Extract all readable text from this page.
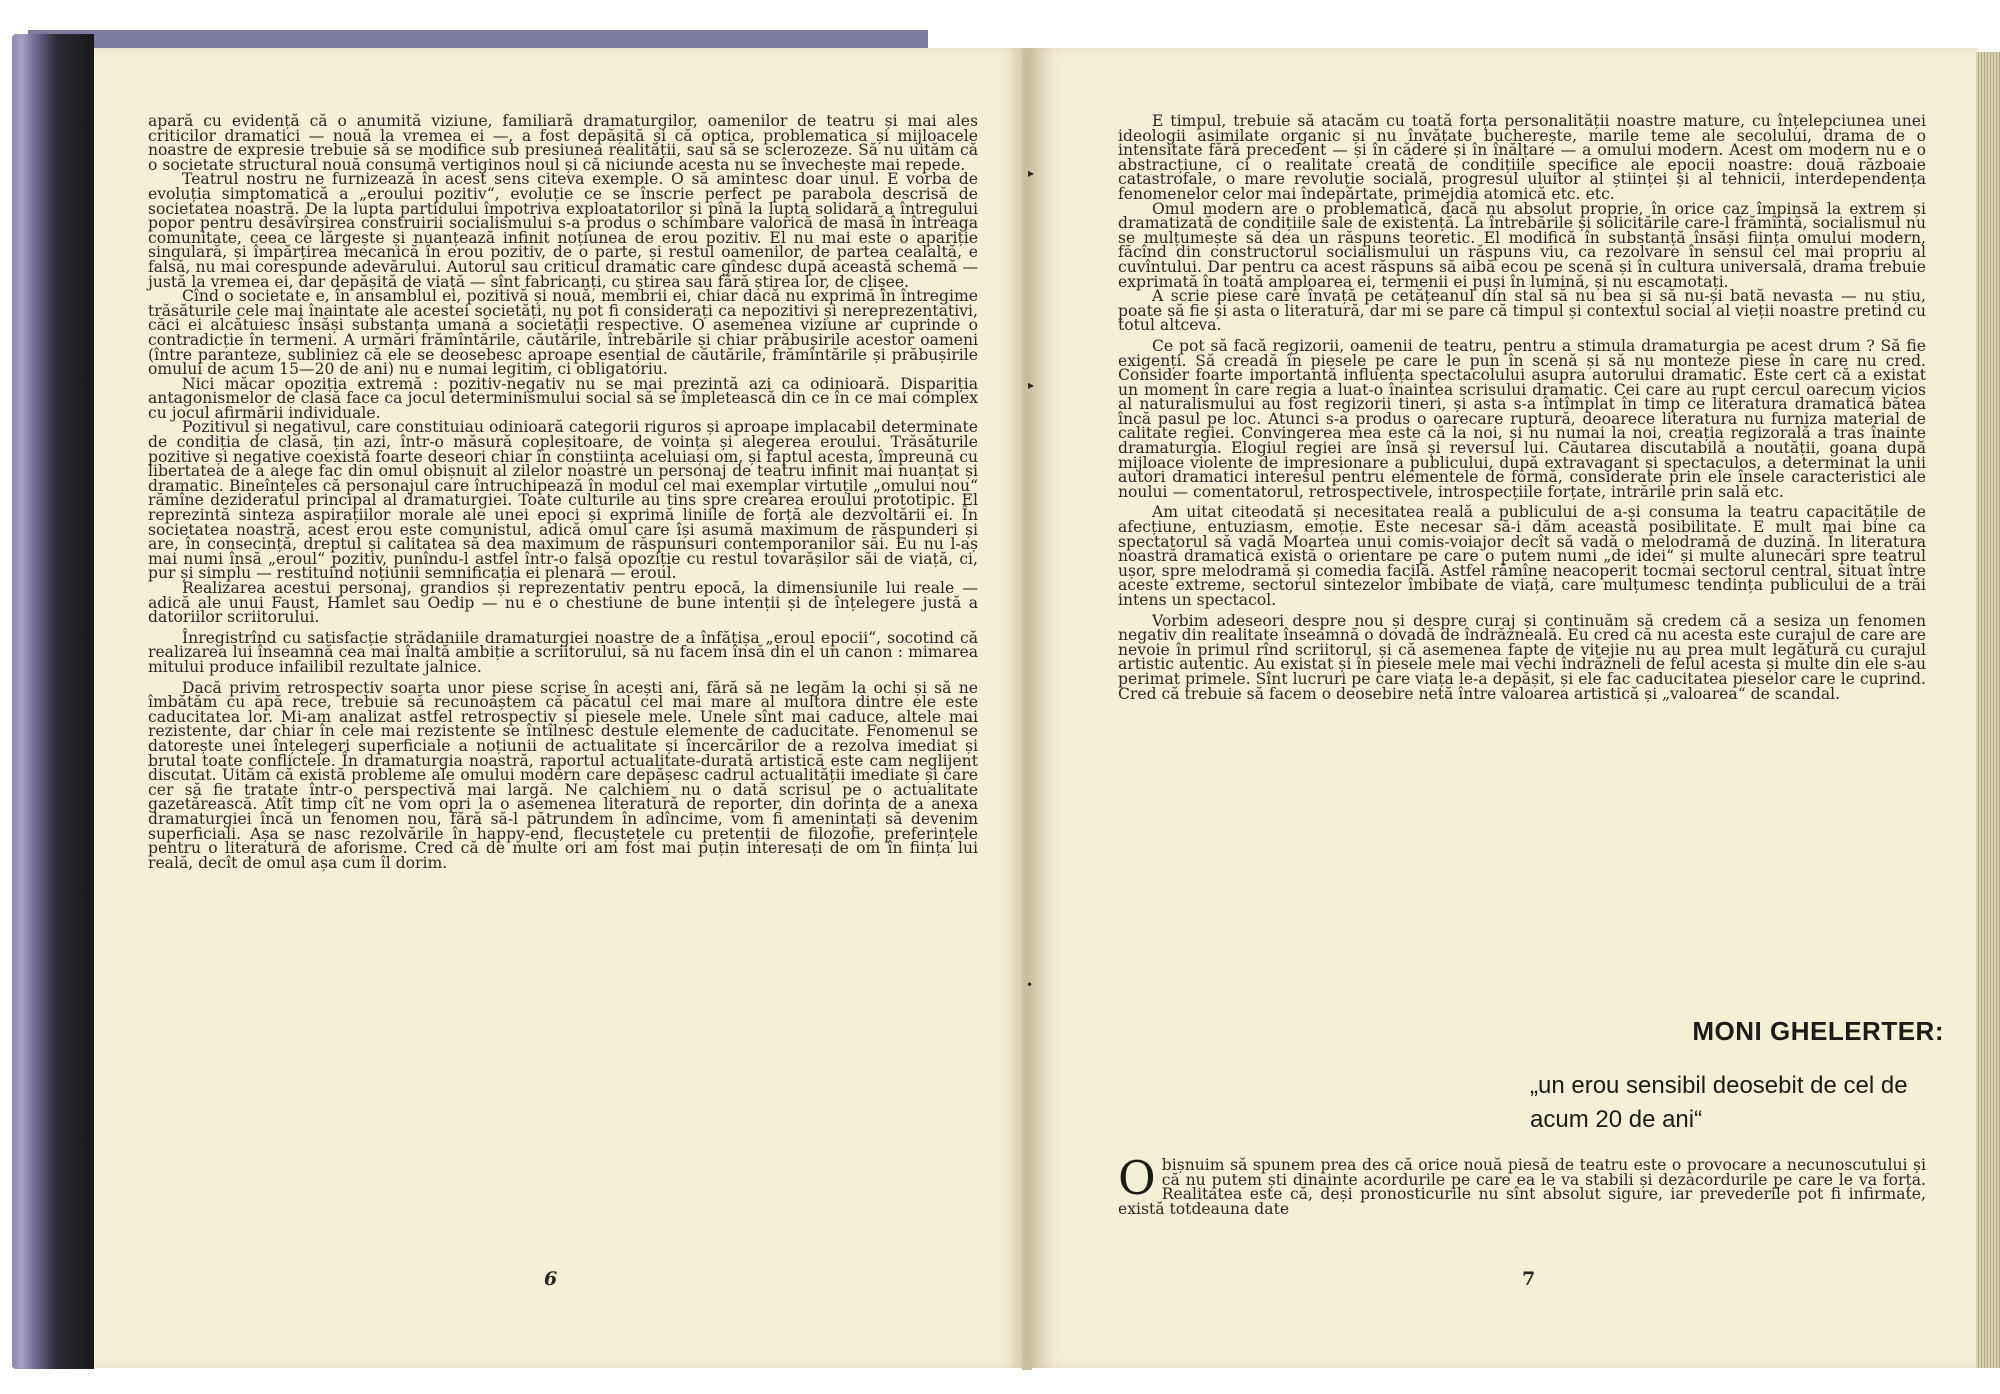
apară cu evidență că o anumită viziune, familiară dramaturgilor, oamenilor de teatru și mai ales criticilor dramatici — nouă la vremea ei —, a fost depășită și că optica, problematica și mijloacele noastre de expresie trebuie să se modifice sub presiunea realității, sau să se sclerozeze. Să nu uităm că o societate structural nouă consumă vertiginos noul și că niciunde acesta nu se învechește mai repede.

Teatrul nostru ne furnizează în acest sens citeva exemple. O să amintesc doar unul. E vorba de evoluția simptomatică a „eroului pozitiv“, evoluție ce se înscrie perfect pe parabola descrisă de societatea noastră. De la lupta partidului împotriva exploatatorilor și pînă la lupta solidară a întregului popor pentru desăvîrșirea construirii socialismului s-a produs o schimbare valorică de masă în întreaga comunitate, ceea ce lărgește și nuanțează infinit noțiunea de erou pozitiv. El nu mai este o apariție singulară, și împărțirea mecanică în erou pozitiv, de o parte, și restul oamenilor, de partea cealaltă, e falsă, nu mai corespunde adevărului. Autorul sau criticul dramatic care gîndesc după această schemă — justă la vremea ei, dar depășită de viață — sînt fabricanți, cu știrea sau fără știrea lor, de clișee.

Cînd o societate e, în ansamblul ei, pozitivă și nouă, membrii ei, chiar dacă nu exprimă în întregime trăsăturile cele mai înaintate ale acestei societăți, nu pot fi considerați ca nepozitivi și nereprezentativi, căci ei alcătuiesc însăși substanța umană a societății respective. O asemenea viziune ar cuprinde o contradicție în termeni. A urmări frămîntările, căutările, întrebările și chiar prăbușirile acestor oameni (între paranteze, subliniez că ele se deosebesc aproape esențial de căutările, frămîntările și prăbușirile omului de acum 15—20 de ani) nu e numai legitim, ci obligatoriu.

Nici măcar opoziția extremă : pozitiv-negativ nu se mai prezintă azi ca odinioară. Dispariția antagonismelor de clasă face ca jocul determinismului social să se împletească din ce în ce mai complex cu jocul afirmării individuale.

Pozitivul și negativul, care constituiau odinioară categorii riguros și aproape implacabil determinate de condiția de clasă, țin azi, într-o măsură copleșitoare, de voința și alegerea eroului. Trăsăturile pozitive și negative coexistă foarte deseori chiar în conștiința aceluiași om, și faptul acesta, împreună cu libertatea de a alege fac din omul obișnuit al zilelor noastre un personaj de teatru infinit mai nuanțat și dramatic. Bineînțeles că personajul care întruchipează în modul cel mai exemplar virtuțile „omului nou“ rămîne dezideratul principal al dramaturgiei. Toate culturile au tins spre crearea eroului prototipic. El reprezintă sinteza aspirațiilor morale ale unei epoci și exprimă liniile de forță ale dezvoltării ei. În societatea noastră, acest erou este comunistul, adică omul care își asumă maximum de răspunderi și are, în consecință, dreptul și calitatea să dea maximum de răspunsuri contemporanilor săi. Eu nu l-aș mai numi însă „eroul“ pozitiv, punîndu-l astfel într-o falsă opoziție cu restul tovarășilor săi de viață, ci, pur și simplu — restituind noțiunii semnificația ei plenară — eroul.

Realizarea acestui personaj, grandios și reprezentativ pentru epocă, la dimensiunile lui reale — adică ale unui Faust, Hamlet sau Oedip — nu e o chestiune de bune intenții și de înțelegere justă a datoriilor scriitorului.

Înregistrînd cu satisfacție strădaniile dramaturgiei noastre de a înfățișa „eroul epocii“, socotind că realizarea lui înseamnă cea mai înaltă ambiție a scriitorului, să nu facem însă din el un canon : mimarea mitului produce infailibil rezultate jalnice.

Dacă privim retrospectiv soarta unor piese scrise în acești ani, fără să ne legăm la ochi și să ne îmbătăm cu apă rece, trebuie să recunoaștem că păcatul cel mai mare al multora dintre ele este caducitatea lor. Mi-am analizat astfel retrospectiv și piesele mele. Unele sînt mai caduce, altele mai rezistente, dar chiar în cele mai rezistente se întîlnesc destule elemente de caducitate. Fenomenul se datorește unei înțelegeri superficiale a noțiunii de actualitate și încercărilor de a rezolva imediat și brutal toate conflictele. În dramaturgia noastră, raportul actualitate-durată artistică este cam neglijent discutat. Uităm că există probleme ale omului modern care depășesc cadrul actualității imediate și care cer să fie tratate într-o perspectivă mai largă. Ne calchiem nu o dată scrisul pe o actualitate gazetărească. Atît timp cît ne vom opri la o asemenea literatură de reporter, din dorința de a anexa dramaturgiei încă un fenomen nou, fără să-l pătrundem în adîncime, vom fi amenințați să devenim superficiali. Așa se nasc rezolvările în happy-end, flecuștețele cu pretenții de filozofie, preferințele pentru o literatură de aforisme. Cred că de multe ori am fost mai puțin interesați de om în ființa lui reală, decît de omul așa cum îl dorim.

6
▸
▸
•

E timpul, trebuie să atacăm cu toată forța personalității noastre mature, cu înțelepciunea unei ideologii asimilate organic și nu învățate bucherește, marile teme ale secolului, drama de o intensitate fără precedent — și în cădere și în înălțare — a omului modern. Acest om modern nu e o abstracțiune, ci o realitate creată de condițiile specifice ale epocii noastre: două războaie catastrofale, o mare revoluție socială, progresul uluitor al științei și al tehnicii, interdependența fenomenelor celor mai îndepărtate, primejdia atomică etc. etc.

Omul modern are o problematică, dacă nu absolut proprie, în orice caz împinsă la extrem și dramatizată de condițiile sale de existență. La întrebările și solicitările care-l frămîntă, socialismul nu se mulțumește să dea un răspuns teoretic. El modifică în substanță însăși ființa omului modern, făcînd din constructorul socialismului un răspuns viu, ca rezolvare în sensul cel mai propriu al cuvîntului. Dar pentru ca acest răspuns să aibă ecou pe scenă și în cultura universală, drama trebuie exprimată în toată amploarea ei, termenii ei puși în lumină, și nu escamotați.

A scrie piese care învață pe cetățeanul din stal să nu bea și să nu-și bată nevasta — nu știu, poate să fie și asta o literatură, dar mi se pare că timpul și contextul social al vieții noastre pretind cu totul altceva.

Ce pot să facă regizorii, oamenii de teatru, pentru a stimula dramaturgia pe acest drum ? Să fie exigenți. Să creadă în piesele pe care le pun în scenă și să nu monteze piese în care nu cred. Consider foarte importantă influența spectacolului asupra autorului dramatic. Este cert că a existat un moment în care regia a luat-o înaintea scrisului dramatic. Cei care au rupt cercul oarecum vicios al naturalismului au fost regizorii tineri, și asta s-a întîmplat în timp ce literatura dramatică bătea încă pasul pe loc. Atunci s-a produs o oarecare ruptură, deoarece literatura nu furniza material de calitate regiei. Convingerea mea este că la noi, și nu numai la noi, creația regizorală a tras înainte dramaturgia. Elogiul regiei are însă și reversul lui. Căutarea discutabilă a noutății, goana după mijloace violente de impresionare a publicului, după extravagant și spectaculos, a determinat la unii autori dramatici interesul pentru elementele de formă, considerate prin ele însele caracteristici ale noului — comentatorul, retrospectivele, introspecțiile forțate, intrările prin sală etc.

Am uitat citeodată și necesitatea reală a publicului de a-și consuma la teatru capacitățile de afecțiune, entuziasm, emoție. Este necesar să-i dăm această posibilitate. E mult mai bine ca spectatorul să vadă Moartea unui comis-voiajor decît să vadă o melodramă de duzină. În literatura noastră dramatică există o orientare pe care o putem numi „de idei“ și multe alunecări spre teatrul ușor, spre melodramă și comedia facilă. Astfel rămîne neacoperit tocmai sectorul central, situat între aceste extreme, sectorul sintezelor îmbibate de viață, care mulțumesc tendința publicului de a trăi intens un spectacol.

Vorbim adeseori despre nou și despre curaj și continuăm să credem că a sesiza un fenomen negativ din realitate înseamnă o dovadă de îndrăzneală. Eu cred că nu acesta este curajul de care are nevoie în primul rînd scriitorul, și că asemenea fapte de vitejie nu au prea mult legătură cu curajul artistic autentic. Au existat și în piesele mele mai vechi îndrăzneli de felul acesta și multe din ele s-au perimat primele. Sînt lucruri pe care viața le-a depășit, și ele fac caducitatea pieselor care le cuprind. Cred că trebuie să facem o deosebire netă între valoarea artistică și „valoarea“ de scandal.

MONI GHELERTER:
„un erou sensibil deosebit de cel de
acum 20 de ani“
Obișnuim să spunem prea des că orice nouă piesă de teatru este o provocare a necunoscutului și că nu putem ști dinainte acordurile pe care ea le va stabili și dezacordurile pe care le va forța. Realitatea este că, deși pronosticurile nu sînt absolut sigure, iar prevederile pot fi infirmate, există totdeauna date
7
